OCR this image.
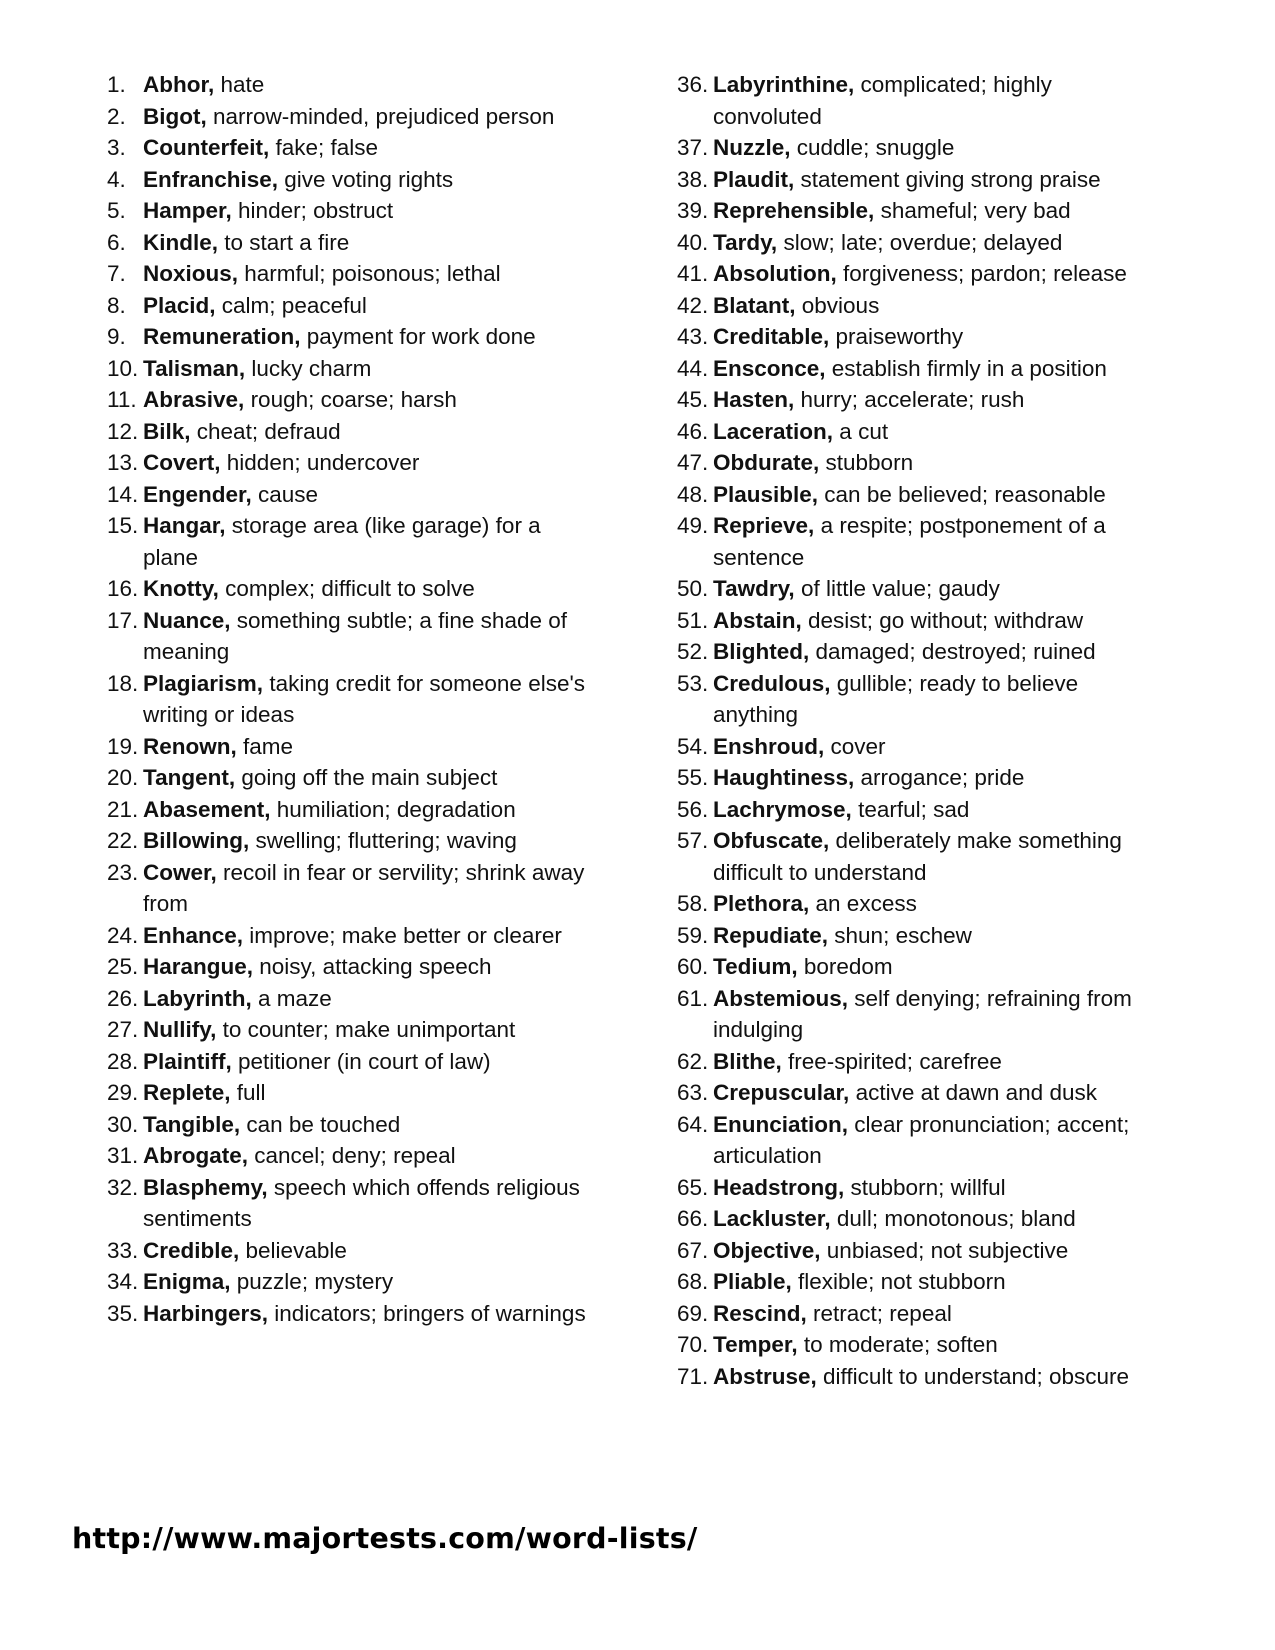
1. Abhor, hate
2. Bigot, narrow-minded, prejudiced person
3. Counterfeit, fake; false
4. Enfranchise, give voting rights
5. Hamper, hinder; obstruct
6. Kindle, to start a fire
7. Noxious, harmful; poisonous; lethal
8. Placid, calm; peaceful
9. Remuneration, payment for work done
10. Talisman, lucky charm
11. Abrasive, rough; coarse; harsh
12. Bilk, cheat; defraud
13. Covert, hidden; undercover
14. Engender, cause
15. Hangar, storage area (like garage) for a plane
16. Knotty, complex; difficult to solve
17. Nuance, something subtle; a fine shade of meaning
18. Plagiarism, taking credit for someone else's writing or ideas
19. Renown, fame
20. Tangent, going off the main subject
21. Abasement, humiliation; degradation
22. Billowing, swelling; fluttering; waving
23. Cower, recoil in fear or servility; shrink away from
24. Enhance, improve; make better or clearer
25. Harangue, noisy, attacking speech
26. Labyrinth, a maze
27. Nullify, to counter; make unimportant
28. Plaintiff, petitioner (in court of law)
29. Replete, full
30. Tangible, can be touched
31. Abrogate, cancel; deny; repeal
32. Blasphemy, speech which offends religious sentiments
33. Credible, believable
34. Enigma, puzzle; mystery
35. Harbingers, indicators; bringers of warnings
36. Labyrinthine, complicated; highly convoluted
37. Nuzzle, cuddle; snuggle
38. Plaudit, statement giving strong praise
39. Reprehensible, shameful; very bad
40. Tardy, slow; late; overdue; delayed
41. Absolution, forgiveness; pardon; release
42. Blatant, obvious
43. Creditable, praiseworthy
44. Ensconce, establish firmly in a position
45. Hasten, hurry; accelerate; rush
46. Laceration, a cut
47. Obdurate, stubborn
48. Plausible, can be believed; reasonable
49. Reprieve, a respite; postponement of a sentence
50. Tawdry, of little value; gaudy
51. Abstain, desist; go without; withdraw
52. Blighted, damaged; destroyed; ruined
53. Credulous, gullible; ready to believe anything
54. Enshroud, cover
55. Haughtiness, arrogance; pride
56. Lachrymose, tearful; sad
57. Obfuscate, deliberately make something difficult to understand
58. Plethora, an excess
59. Repudiate, shun; eschew
60. Tedium, boredom
61. Abstemious, self denying; refraining from indulging
62. Blithe, free-spirited; carefree
63. Crepuscular, active at dawn and dusk
64. Enunciation, clear pronunciation; accent; articulation
65. Headstrong, stubborn; willful
66. Lackluster, dull; monotonous; bland
67. Objective, unbiased; not subjective
68. Pliable, flexible; not stubborn
69. Rescind, retract; repeal
70. Temper, to moderate; soften
71. Abstruse, difficult to understand; obscure
http://www.majortests.com/word-lists/
